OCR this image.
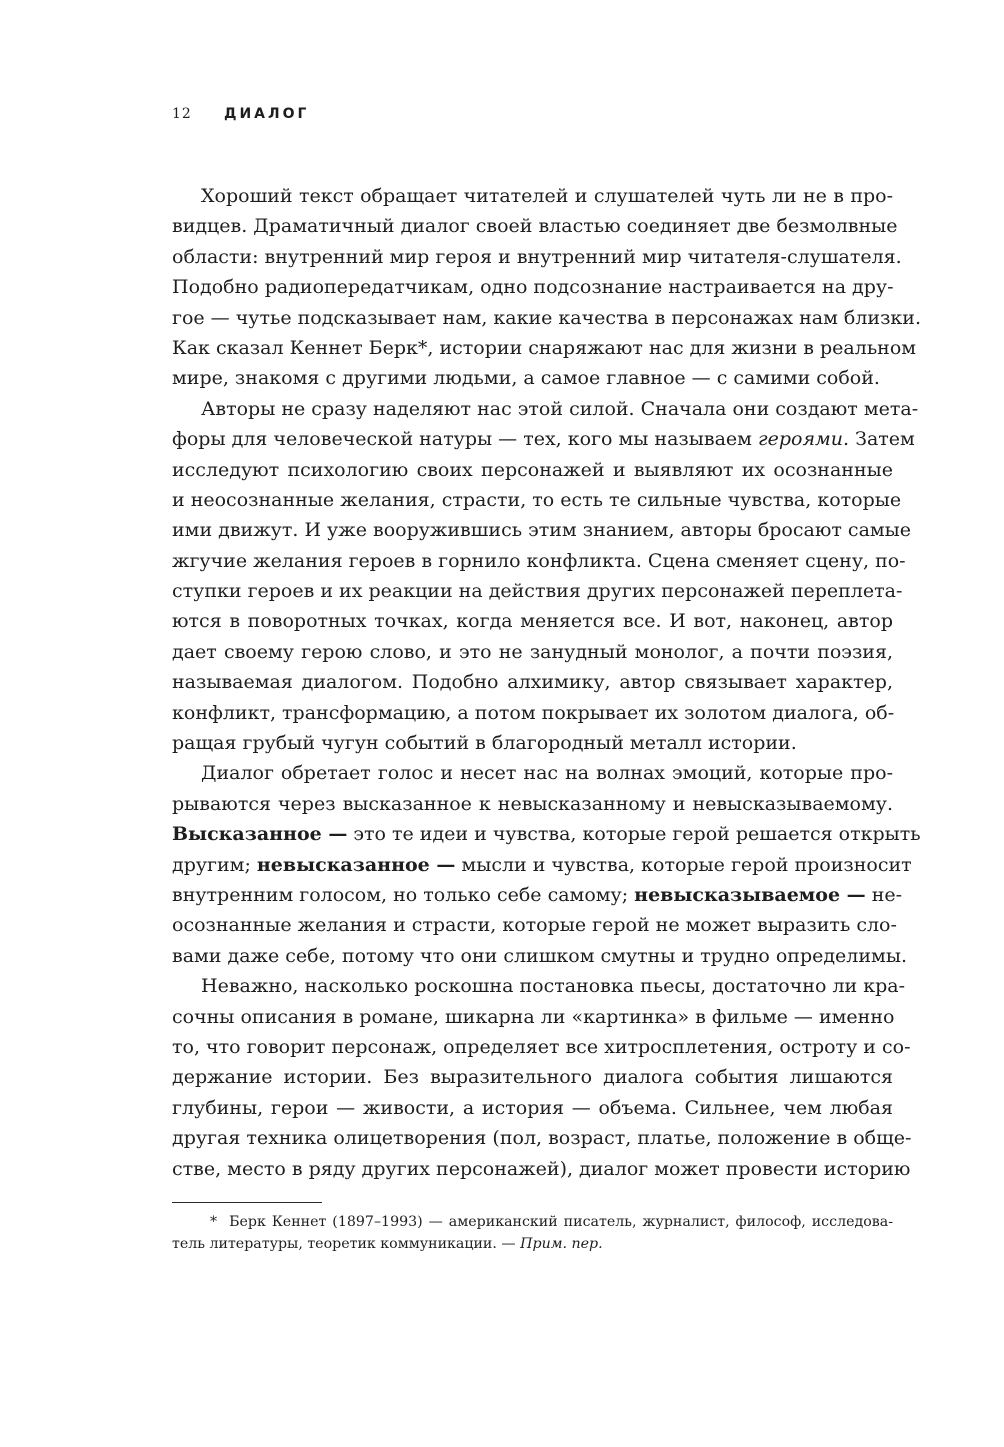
12 ДИАЛОГ
Хороший текст обращает читателей и слушателей чуть ли не в про-
видцев. Драматичный диалог своей властью соединяет две безмолвные
области: внутренний мир героя и внутренний мир читателя-слушателя.
Подобно радиопередатчикам, одно подсознание настраивается на дру-
гое — чутье подсказывает нам, какие качества в персонажах нам близки.
Как сказал Кеннет Берк*, истории снаряжают нас для жизни в реальном
мире, знакомя с другими людьми, а самое главное — с самими собой.
Авторы не сразу наделяют нас этой силой. Сначала они создают мета-
форы для человеческой натуры — тех, кого мы называем героями. Затем
исследуют психологию своих персонажей и выявляют их осознанные
и неосознанные желания, страсти, то есть те сильные чувства, которые
ими движут. И уже вооружившись этим знанием, авторы бросают самые
жгучие желания героев в горнило конфликта. Сцена сменяет сцену, по-
ступки героев и их реакции на действия других персонажей переплета-
ются в поворотных точках, когда меняется все. И вот, наконец, автор
дает своему герою слово, и это не занудный монолог, а почти поэзия,
называемая диалогом. Подобно алхимику, автор связывает характер,
конфликт, трансформацию, а потом покрывает их золотом диалога, об-
ращая грубый чугун событий в благородный металл истории.
Диалог обретает голос и несет нас на волнах эмоций, которые про-
рываются через высказанное к невысказанному и невысказываемому.
Высказанное — это те идеи и чувства, которые герой решается открыть
другим; невысказанное — мысли и чувства, которые герой произносит
внутренним голосом, но только себе самому; невысказываемое — не-
осознанные желания и страсти, которые герой не может выразить сло-
вами даже себе, потому что они слишком смутны и трудно определимы.
Неважно, насколько роскошна постановка пьесы, достаточно ли кра-
сочны описания в романе, шикарна ли «картинка» в фильме — именно
то, что говорит персонаж, определяет все хитросплетения, остроту и со-
держание истории. Без выразительного диалога события лишаются
глубины, герои — живости, а история — объема. Сильнее, чем любая
другая техника олицетворения (пол, возраст, платье, положение в обще-
стве, место в ряду других персонажей), диалог может провести историю
* Берк Кеннет (1897–1993) — американский писатель, журналист, философ, исследова-
тель литературы, теоретик коммуникации. — Прим. пер.
